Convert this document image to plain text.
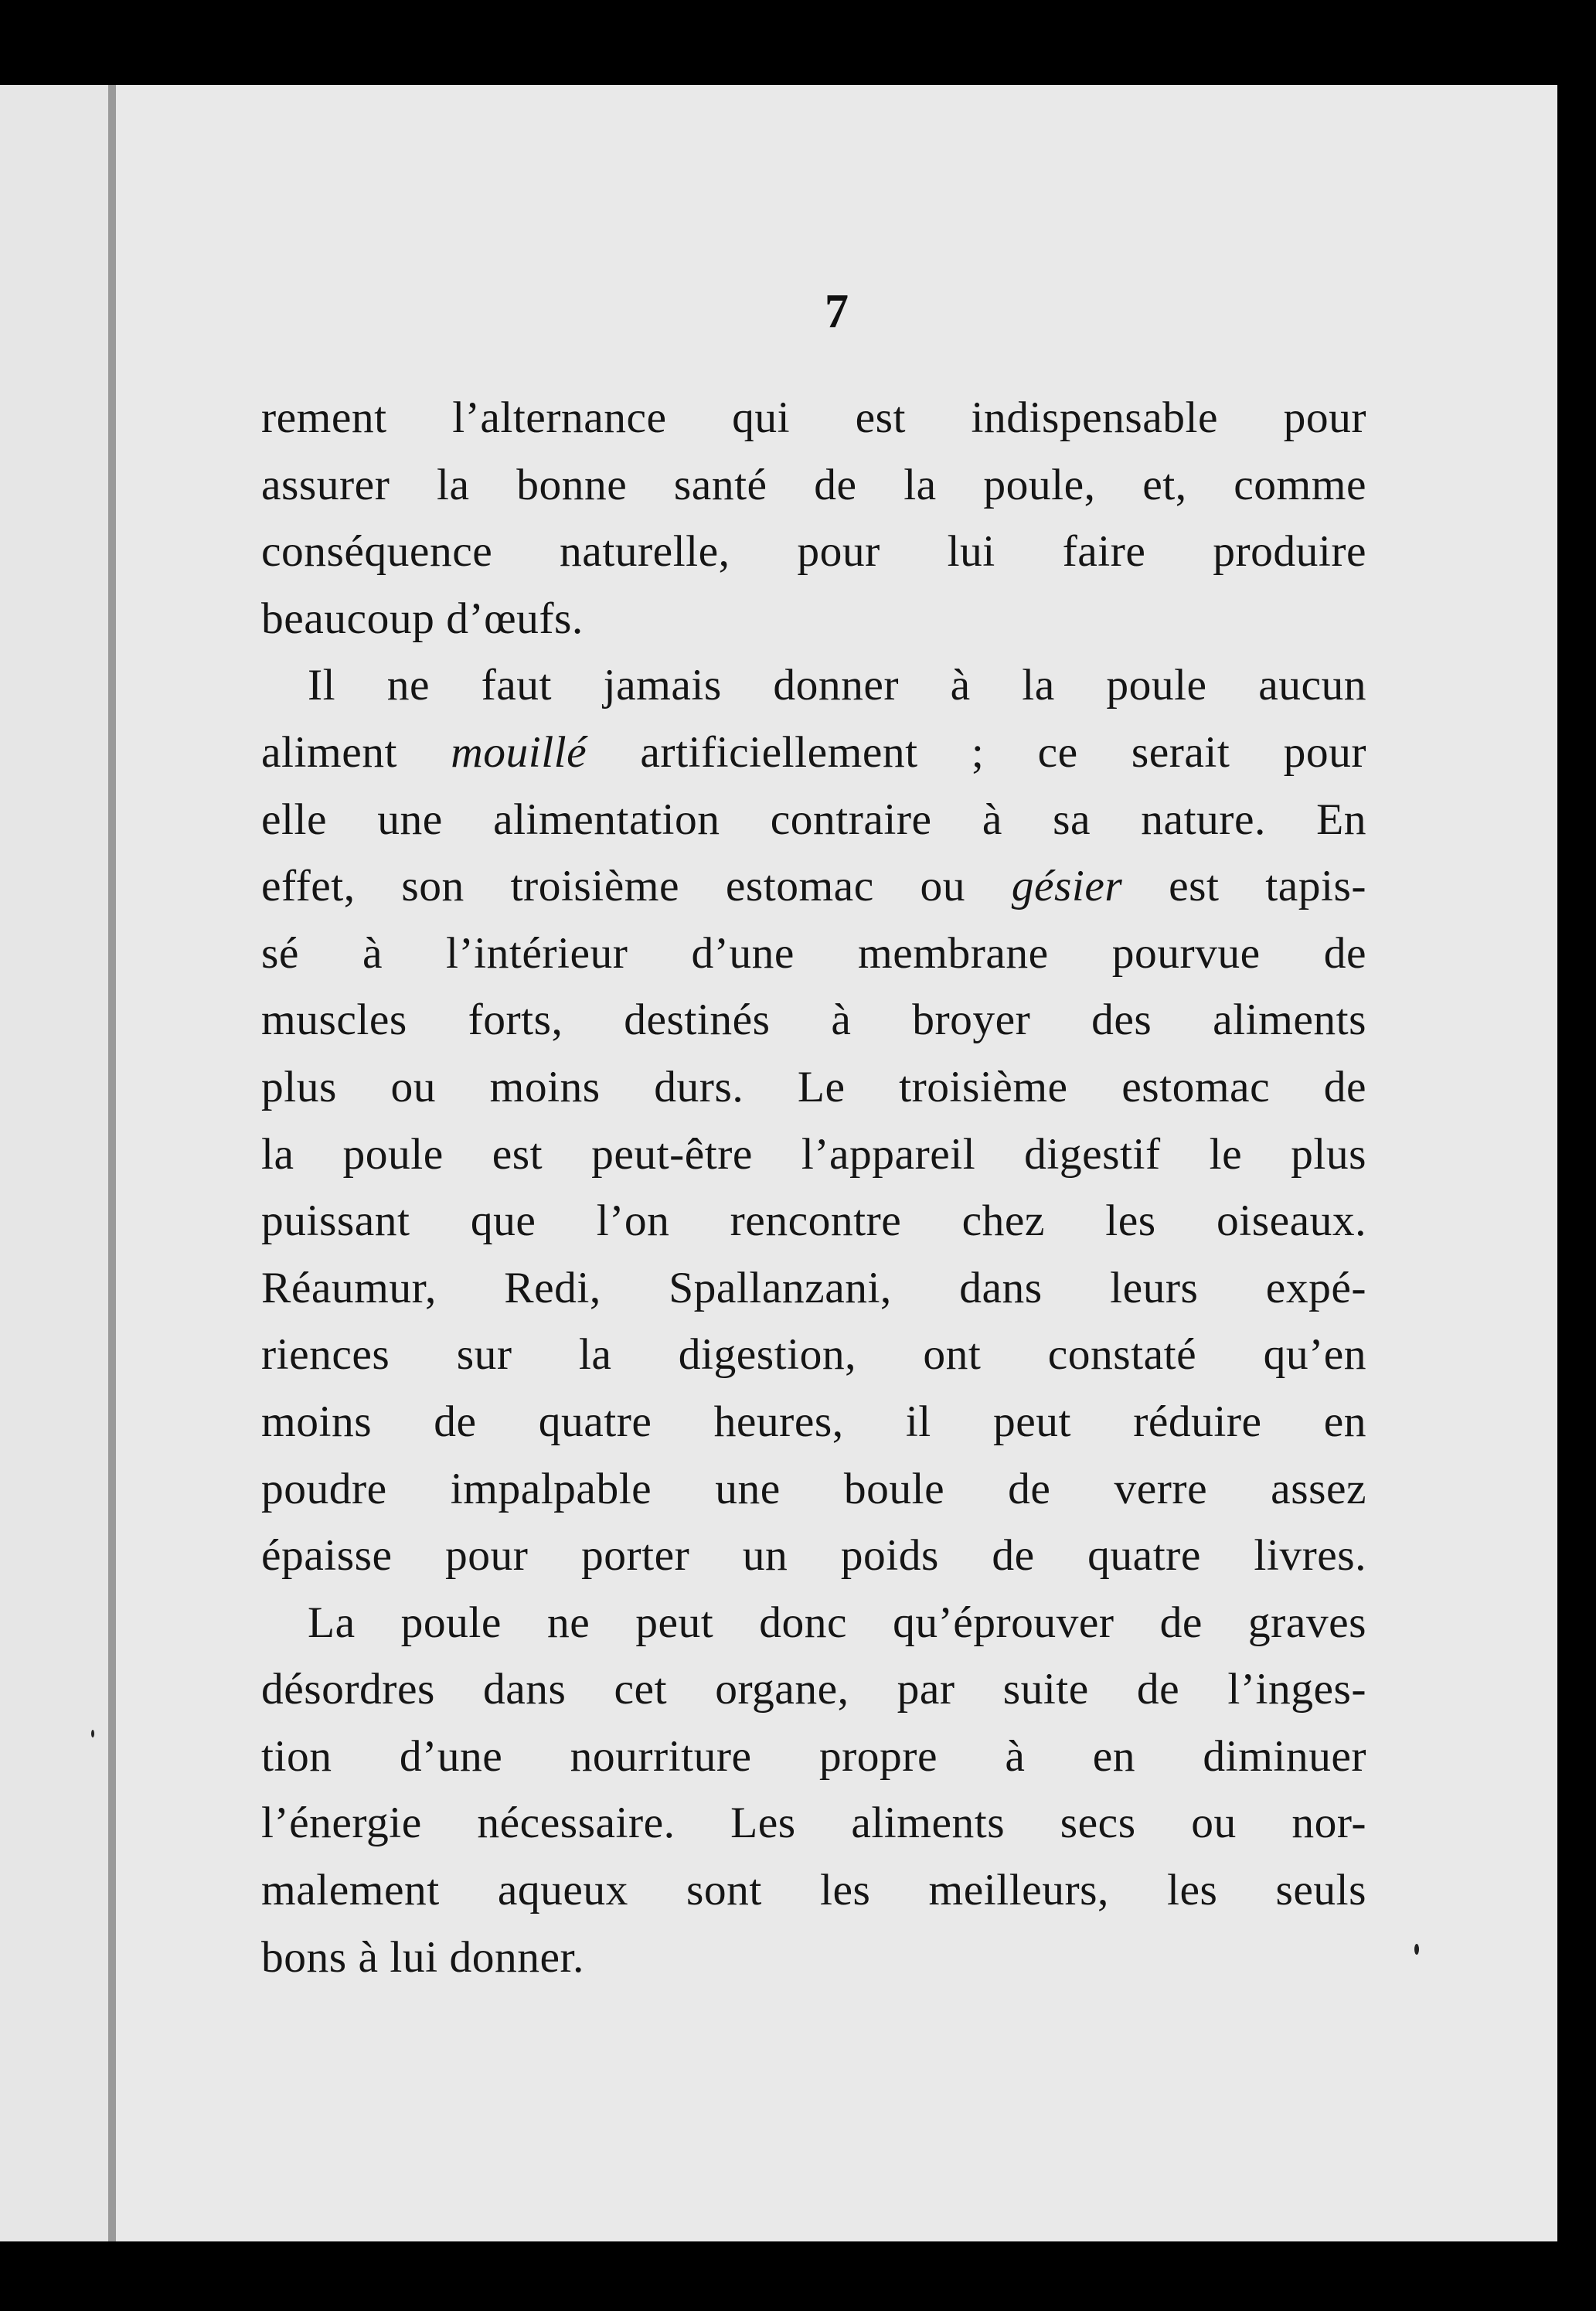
7
rement l’alternance qui est indispensable pour
assurer la bonne santé de la poule, et, comme
conséquence naturelle, pour lui faire produire
beaucoup d’œufs.
Il ne faut jamais donner à la poule aucun
aliment mouillé artificiellement ; ce serait pour
elle une alimentation contraire à sa nature. En
effet, son troisième estomac ou gésier est tapis-
sé à l’intérieur d’une membrane pourvue de
muscles forts, destinés à broyer des aliments
plus ou moins durs. Le troisième estomac de
la poule est peut-être l’appareil digestif le plus
puissant que l’on rencontre chez les oiseaux.
Réaumur, Redi, Spallanzani, dans leurs expé-
riences sur la digestion, ont constaté qu’en
moins de quatre heures, il peut réduire en
poudre impalpable une boule de verre assez
épaisse pour porter un poids de quatre livres.
La poule ne peut donc qu’éprouver de graves
désordres dans cet organe, par suite de l’inges-
tion d’une nourriture propre à en diminuer
l’énergie nécessaire. Les aliments secs ou nor-
malement aqueux sont les meilleurs, les seuls
bons à lui donner.
